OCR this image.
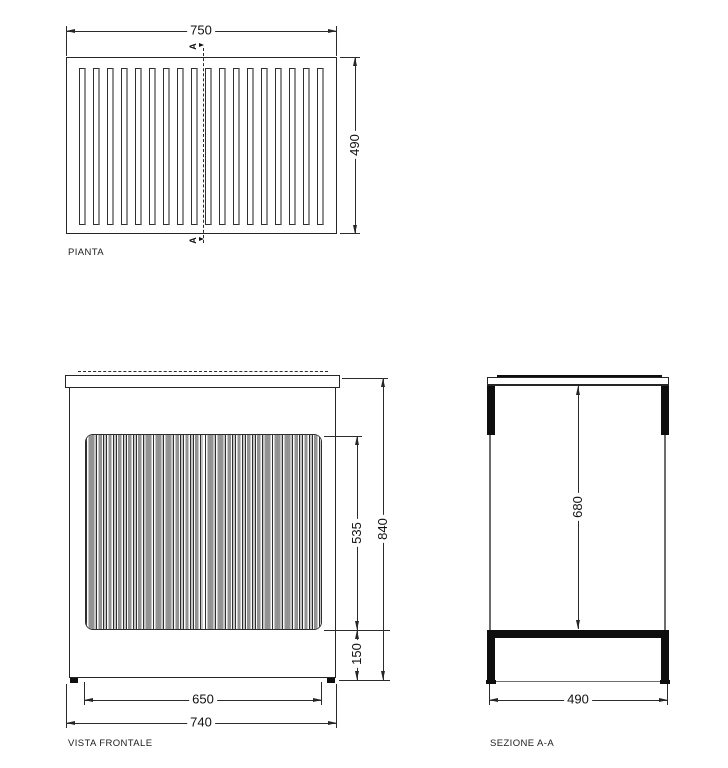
750
A
A
490
PIANTA
535
150
840
650
740
VISTA FRONTALE
680
490
SEZIONE A-A
